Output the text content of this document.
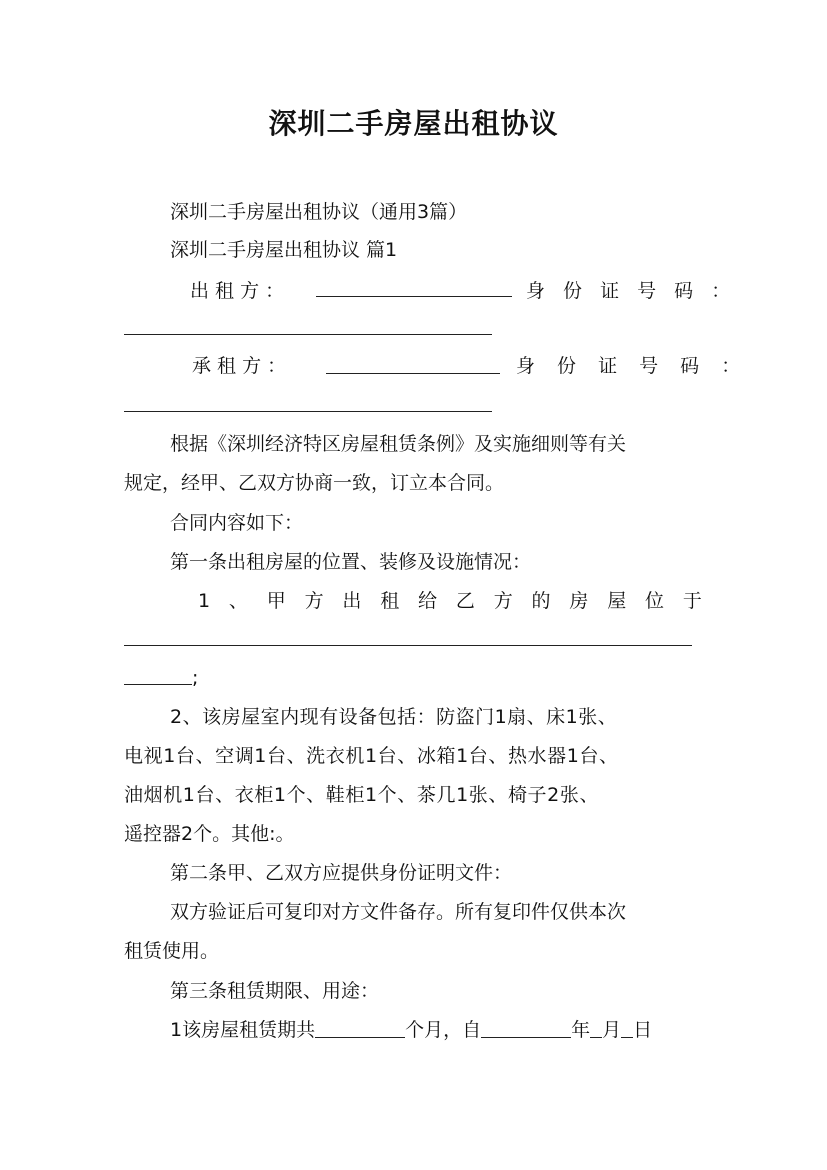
深圳二手房屋出租协议
深圳二手房屋出租协议（通用3篇）
深圳二手房屋出租协议 篇1
出 租 方 ：	身 份 证 号 码 ：
承 租 方 ：	身 份 证 号 码 ：
根据《深圳经济特区房屋租赁条例》及实施细则等有关
规定，经甲、乙双方协商一致，订立本合同。
合同内容如下：
第一条出租房屋的位置、装修及设施情况：
1 、 甲 方 出 租 给 乙 方 的 房 屋 位 于
;
2、该房屋室内现有设备包括：防盗门1扇、床1张、
电视1台、空调1台、洗衣机1台、冰箱1台、热水器1台、
油烟机1台、衣柜1个、鞋柜1个、茶几1张、椅子2张、
遥控器2个。其他:。
第二条甲、乙双方应提供身份证明文件：
双方验证后可复印对方文件备存。所有复印件仅供本次
租赁使用。
第三条租赁期限、用途：
1该房屋租赁期共	个月，自	年 月 日
